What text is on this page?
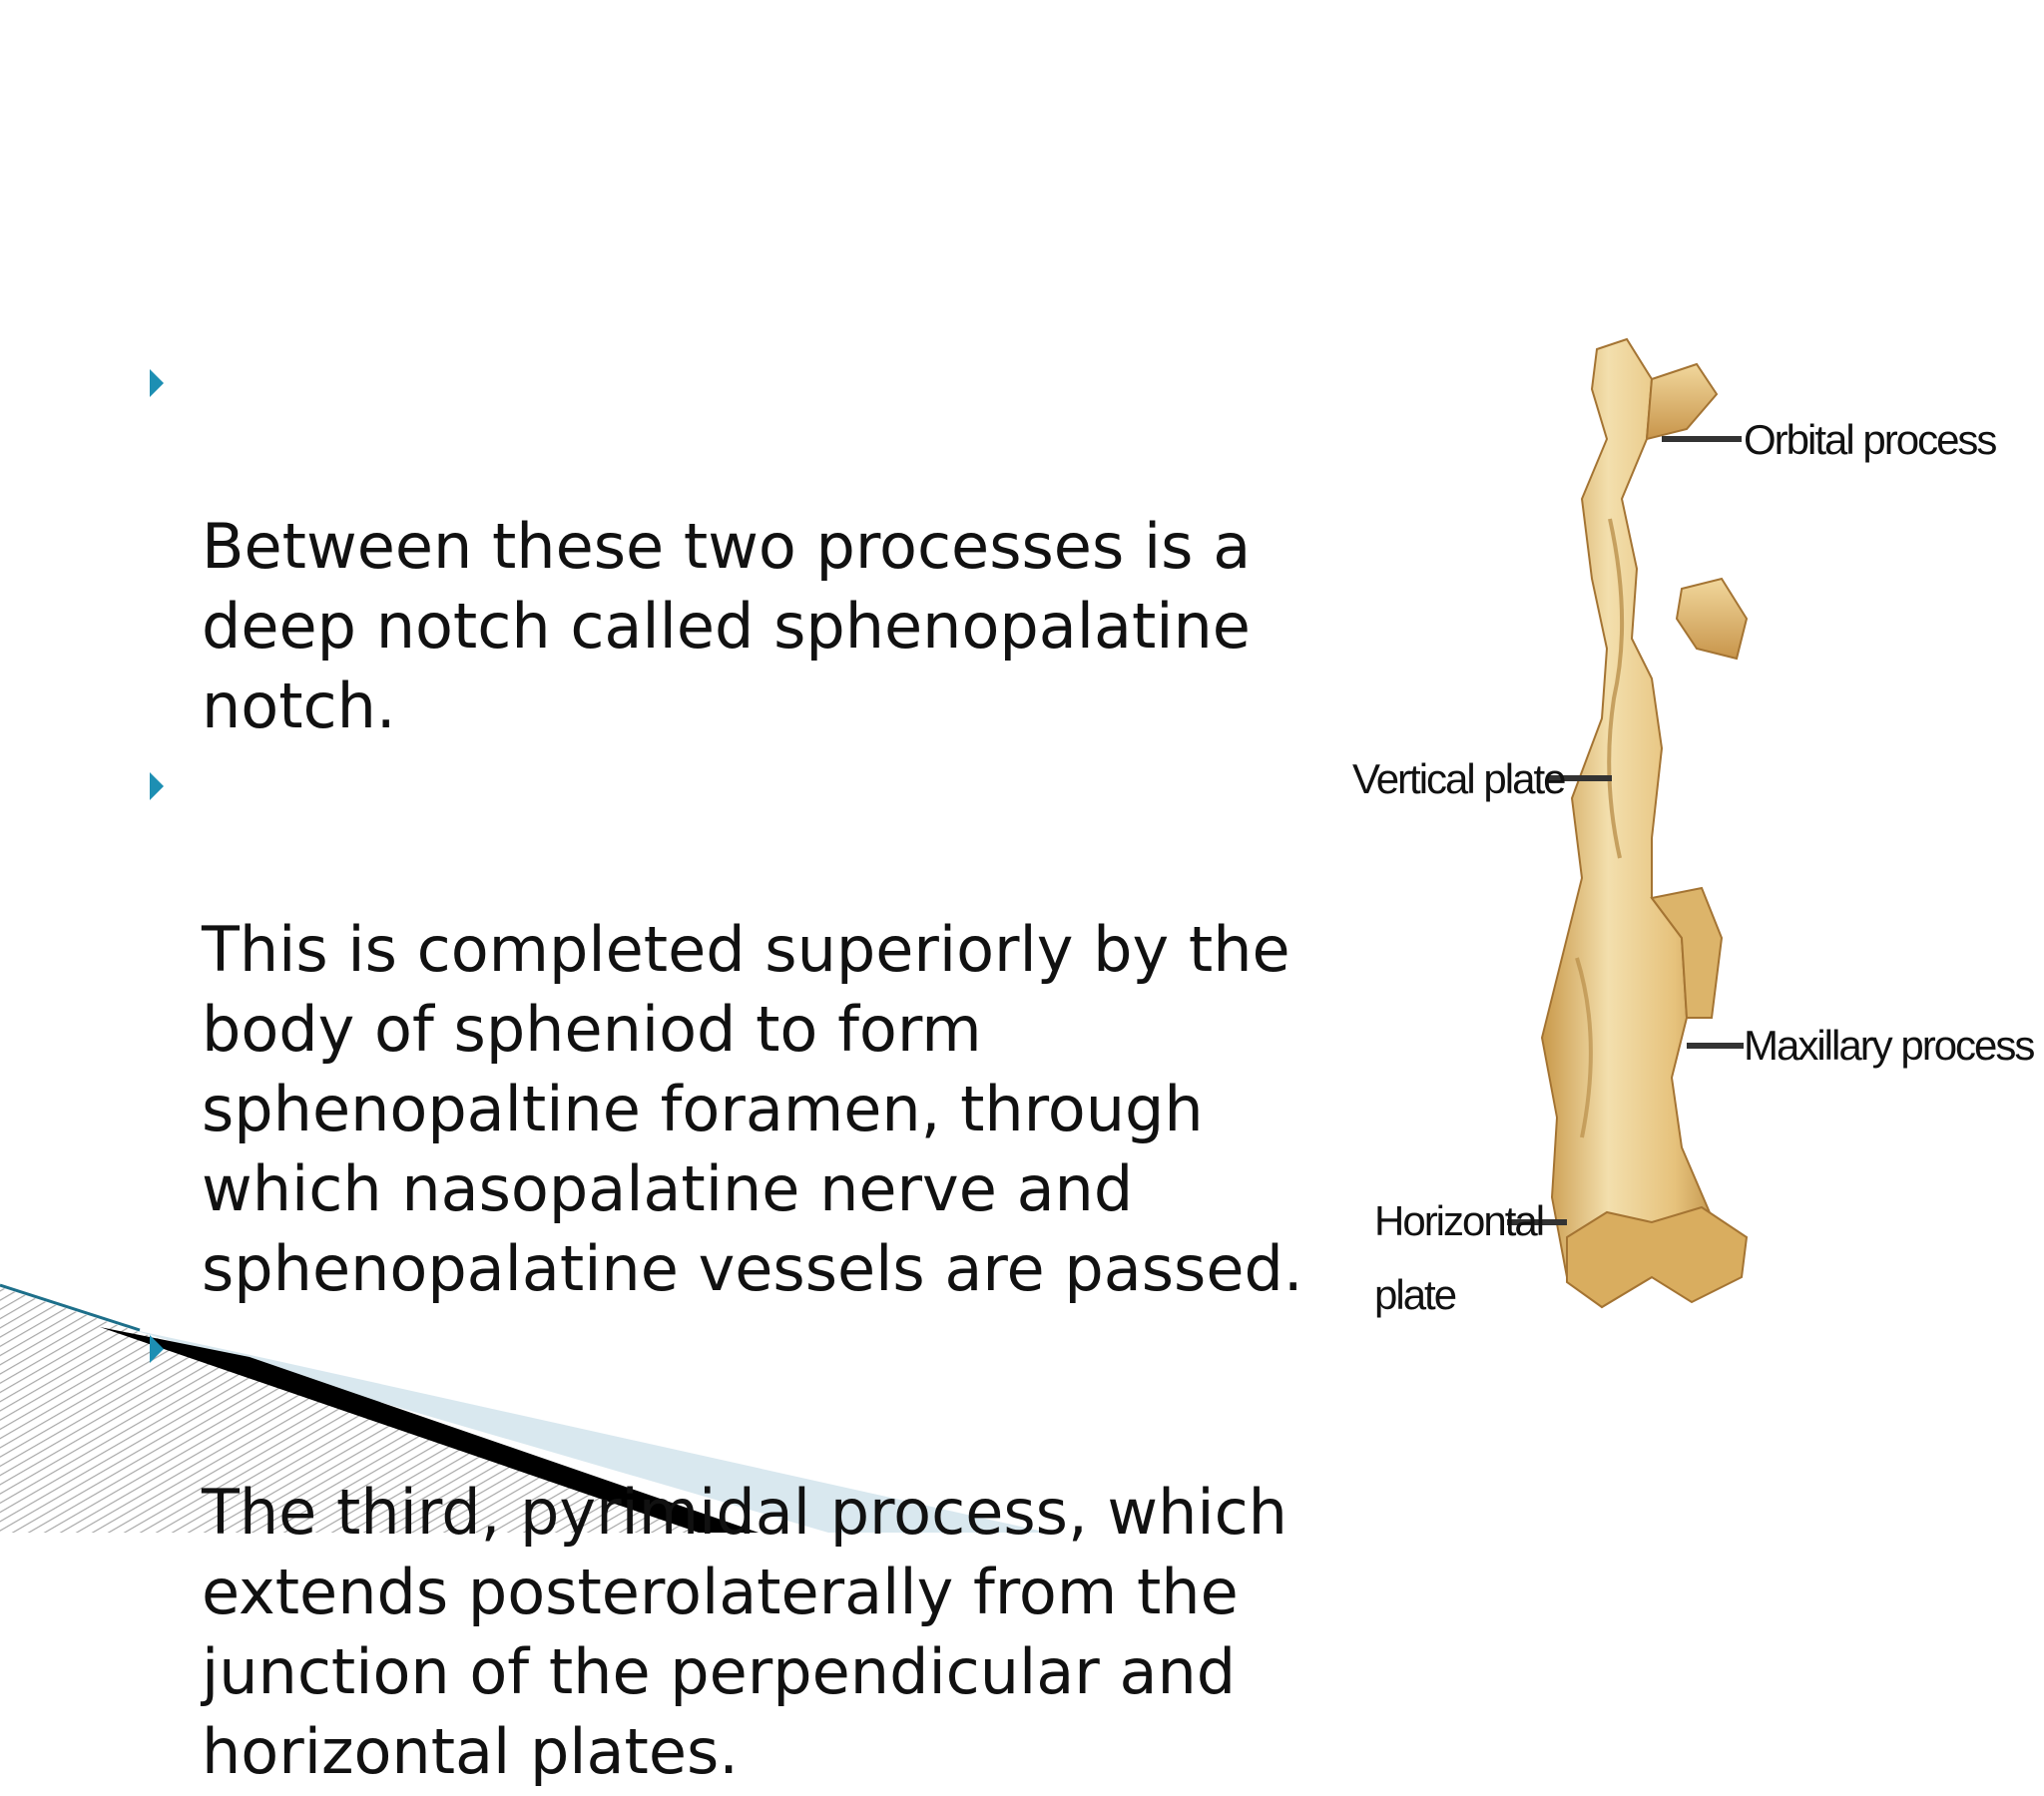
Between these two processes is a deep notch called sphenopalatine notch.

This is completed superiorly by the body of spheniod to form sphenopaltine foramen, through which nasopalatine nerve and sphenopalatine vessels are passed.

The third, pyrimidal process, which extends posterolaterally from the junction of the perpendicular and horizontal plates.

Orbital process
Vertical plate
Maxillary process
Horizontal
plate
